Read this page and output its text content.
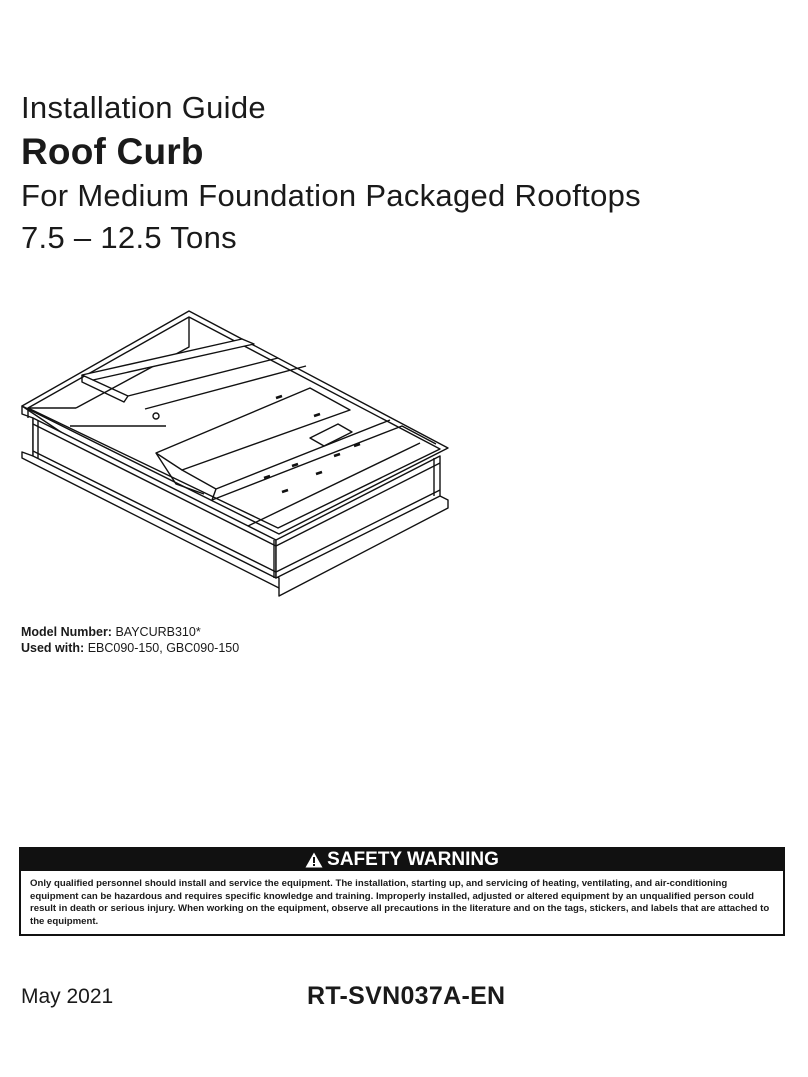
Installation Guide
Roof Curb
For Medium Foundation Packaged Rooftops
7.5 – 12.5 Tons
Model Number: BAYCURB310*
Used with: EBC090-150, GBC090-150
SAFETY WARNING
Only qualified personnel should install and service the equipment. The installation, starting up, and servicing of heating, ventilating, and air-conditioning equipment can be hazardous and requires specific knowledge and training. Improperly installed, adjusted or altered equipment by an unqualified person could result in death or serious injury. When working on the equipment, observe all precautions in the literature and on the tags, stickers, and labels that are attached to the equipment.
May 2021	RT-SVN037A-EN
